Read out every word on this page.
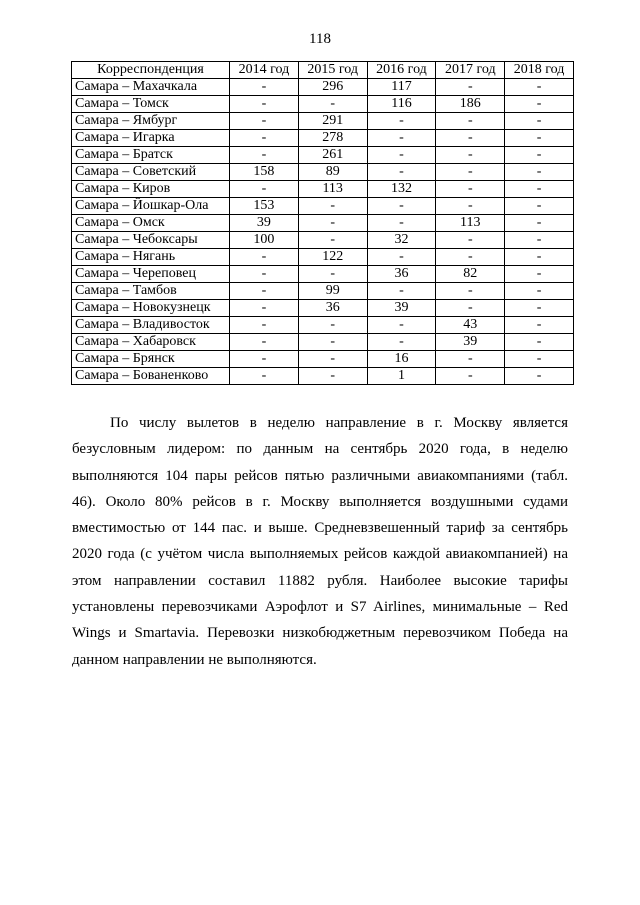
118
Корреспонденция	2014 год	2015 год	2016 год	2017 год	2018 год
Самара – Махачкала	-	296	117	-	-
Самара – Томск	-	-	116	186	-
Самара – Ямбург	-	291	-	-	-
Самара – Игарка	-	278	-	-	-
Самара – Братск	-	261	-	-	-
Самара – Советский	158	89	-	-	-
Самара – Киров	-	113	132	-	-
Самара – Йошкар-Ола	153	-	-	-	-
Самара – Омск	39	-	-	113	-
Самара – Чебоксары	100	-	32	-	-
Самара – Нягань	-	122	-	-	-
Самара – Череповец	-	-	36	82	-
Самара – Тамбов	-	99	-	-	-
Самара – Новокузнецк	-	36	39	-	-
Самара – Владивосток	-	-	-	43	-
Самара – Хабаровск	-	-	-	39	-
Самара – Брянск	-	-	16	-	-
Самара – Бованенково	-	-	1	-	-

По числу вылетов в неделю направление в г. Москву является безусловным лидером: по данным на сентябрь 2020 года, в неделю выполняются 104 пары рейсов пятью различными авиакомпаниями (табл. 46). Около 80% рейсов в г. Москву выполняется воздушными судами вместимостью от 144 пас. и выше. Средневзвешенный тариф за сентябрь 2020 года (с учётом числа выполняемых рейсов каждой авиакомпанией) на этом направлении составил 11882 рубля. Наиболее высокие тарифы установлены перевозчиками Аэрофлот и S7 Airlines, минимальные – Red Wings и Smartavia. Перевозки низкобюджетным перевозчиком Победа на данном направлении не выполняются.
